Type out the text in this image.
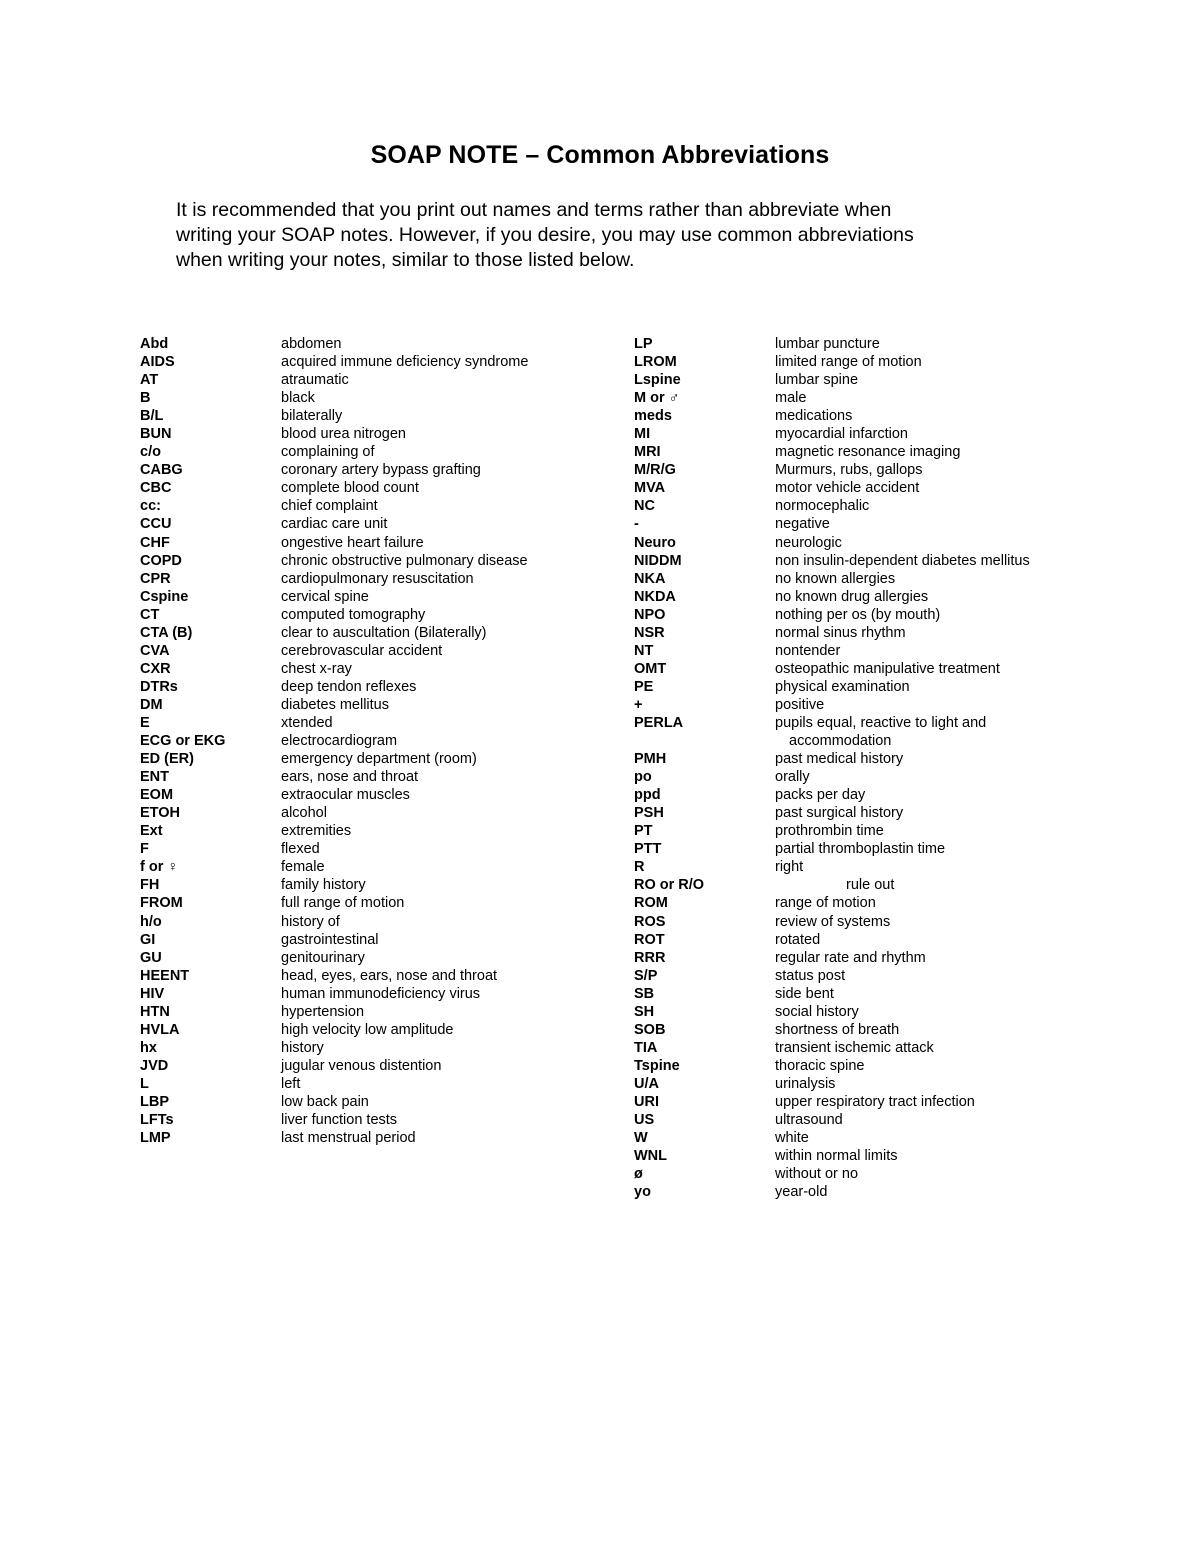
SOAP NOTE – Common Abbreviations
It is recommended that you print out names and terms rather than abbreviate when
writing your SOAP notes. However, if you desire, you may use common abbreviations
when writing your notes, similar to those listed below.
Abd	abdomen
AIDS	acquired immune deficiency syndrome
AT	atraumatic
B	black
B/L	bilaterally
BUN	blood urea nitrogen
c/o	complaining of
CABG	coronary artery bypass grafting
CBC	complete blood count
cc:	chief complaint
CCU	cardiac care unit
CHF	ongestive heart failure
COPD	chronic obstructive pulmonary disease
CPR	cardiopulmonary resuscitation
Cspine	cervical spine
CT	computed tomography
CTA (B)	clear to auscultation (Bilaterally)
CVA	cerebrovascular accident
CXR	chest x-ray
DTRs	deep tendon reflexes
DM	diabetes mellitus
E	xtended
ECG or EKG	electrocardiogram
ED (ER)	emergency department (room)
ENT	ears, nose and throat
EOM	extraocular muscles
ETOH	alcohol
Ext	extremities
F	flexed
f or ♀	female
FH	family history
FROM	full range of motion
h/o	history of
GI	gastrointestinal
GU	genitourinary
HEENT	head, eyes, ears, nose and throat
HIV	human immunodeficiency virus
HTN	hypertension
HVLA	high velocity low amplitude
hx	history
JVD	jugular venous distention
L	left
LBP	low back pain
LFTs	liver function tests
LMP	last menstrual period
LP	lumbar puncture
LROM	limited range of motion
Lspine	lumbar spine
M or ♂	male
meds	medications
MI	myocardial infarction
MRI	magnetic resonance imaging
M/R/G	Murmurs, rubs, gallops
MVA	motor vehicle accident
NC	normocephalic
-	negative
Neuro	neurologic
NIDDM	non insulin-dependent diabetes mellitus
NKA	no known allergies
NKDA	no known drug allergies
NPO	nothing per os (by mouth)
NSR	normal sinus rhythm
NT	nontender
OMT	osteopathic manipulative treatment
PE	physical examination
+	positive
PERLA	pupils equal, reactive to light and
accommodation
PMH	past medical history
po	orally
ppd	packs per day
PSH	past surgical history
PT	prothrombin time
PTT	partial thromboplastin time
R	right
RO or R/O	rule out
ROM	range of motion
ROS	review of systems
ROT	rotated
RRR	regular rate and rhythm
S/P	status post
SB	side bent
SH	social history
SOB	shortness of breath
TIA	transient ischemic attack
Tspine	thoracic spine
U/A	urinalysis
URI	upper respiratory tract infection
US	ultrasound
W	white
WNL	within normal limits
ø	without or no
yo	year-old
